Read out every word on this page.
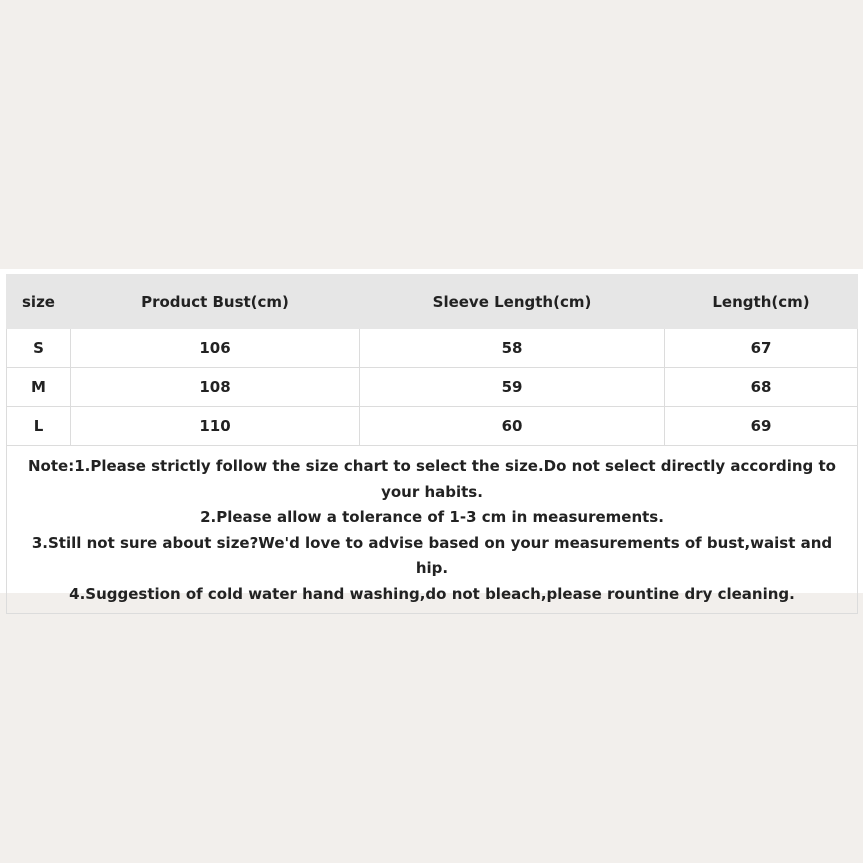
size	Product Bust(cm)	Sleeve Length(cm)	Length(cm)
S	106	58	67
M	108	59	68
L	110	60	69

Note:1.Please strictly follow the size chart to select the size.Do not select directly according to your habits.
2.Please allow a tolerance of 1-3 cm in measurements.
3.Still not sure about size?We'd love to advise based on your measurements of bust,waist and hip.
4.Suggestion of cold water hand washing,do not bleach,please rountine dry cleaning.			
